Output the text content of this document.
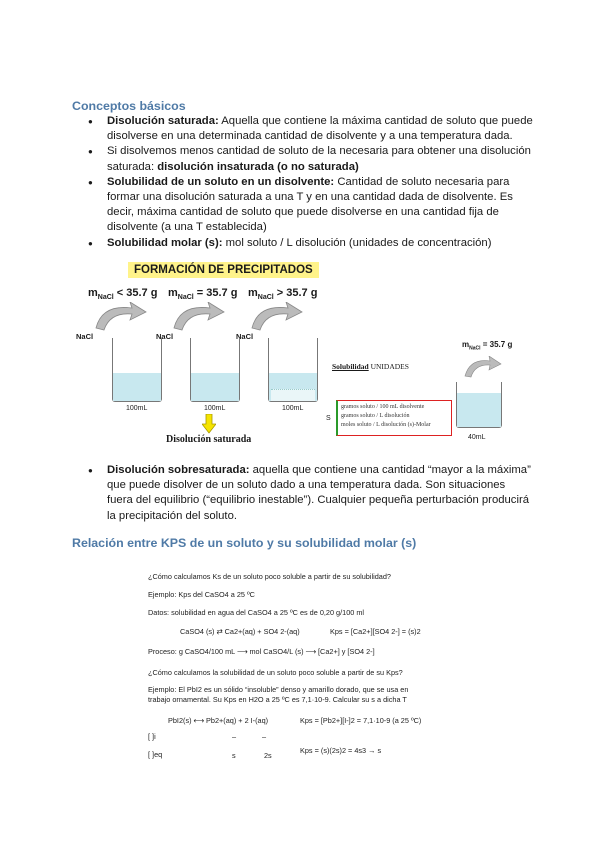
Conceptos básicos
● Disolución saturada: Aquella que contiene la máxima cantidad de soluto que puede disolverse en una determinada cantidad de disolvente y a una temperatura dada.
● Si disolvemos menos cantidad de soluto de la necesaria para obtener una disolución saturada: disolución insaturada (o no saturada)
● Solubilidad de un soluto en un disolvente: Cantidad de soluto necesaria para formar una disolución saturada a una T y en una cantidad dada de disolvente. Es decir, máxima cantidad de soluto que puede disolverse en una cantidad fija de disolvente (a una T establecida)
● Solubilidad molar (s): mol soluto / L disolución (unidades de concentración)
FORMACIÓN DE PRECIPITADOS
$m_{NaCl} < 35.7$ g $m_{NaCl} = 35.7$ g $m_{NaCl} > 35.7$ g
NaCl	NaCl	NaCl
100mL	100mL	100mL
Disolución saturada
Solubilidad UNIDADES
S
gramos soluto / 100 mL disolvente
gramos soluto / L disolución
moles soluto / L disolución (s)-Molar
$m_{NaCl} = 35.7$ g
40mL
● Disolución sobresaturada: aquella que contiene una cantidad “mayor a la máxima” que puede disolver de un soluto dado a una temperatura dada. Son situaciones fuera del equilibrio (“equilibrio inestable”). Cualquier pequeña perturbación producirá la precipitación del soluto.
Relación entre KPS de un soluto y su solubilidad molar (s)
¿Cómo calculamos Ks de un soluto poco soluble a partir de su solubilidad?
Ejemplo: Kps del CaSO4 a 25 ºC
Datos: solubilidad en agua del CaSO4 a 25 ºC es de 0,20 g/100 ml
CaSO4 (s) ⇄ Ca2+(aq) + SO4 2-(aq)	Kps = [Ca2+][SO4 2-] = (s)2
Proceso: g CaSO4/100 mL ⟶ mol CaSO4/L (s) ⟶ [Ca2+] y [SO4 2-]
¿Cómo calculamos la solubilidad de un soluto poco soluble a partir de su Kps?
Ejemplo: El PbI2 es un sólido “insoluble” denso y amarillo dorado, que se usa en
trabajo ornamental. Su Kps en H2O a 25 ºC es 7,1·10-9. Calcular su s a dicha T
PbI2(s) ⟷ Pb2+(aq) + 2 I-(aq)	Kps = [Pb2+][I-]2 = 7,1·10-9 (a 25 ºC)
[ ]i	–	–
[ ]eq	s	2s
Kps = (s)(2s)2 = 4s3 → s
